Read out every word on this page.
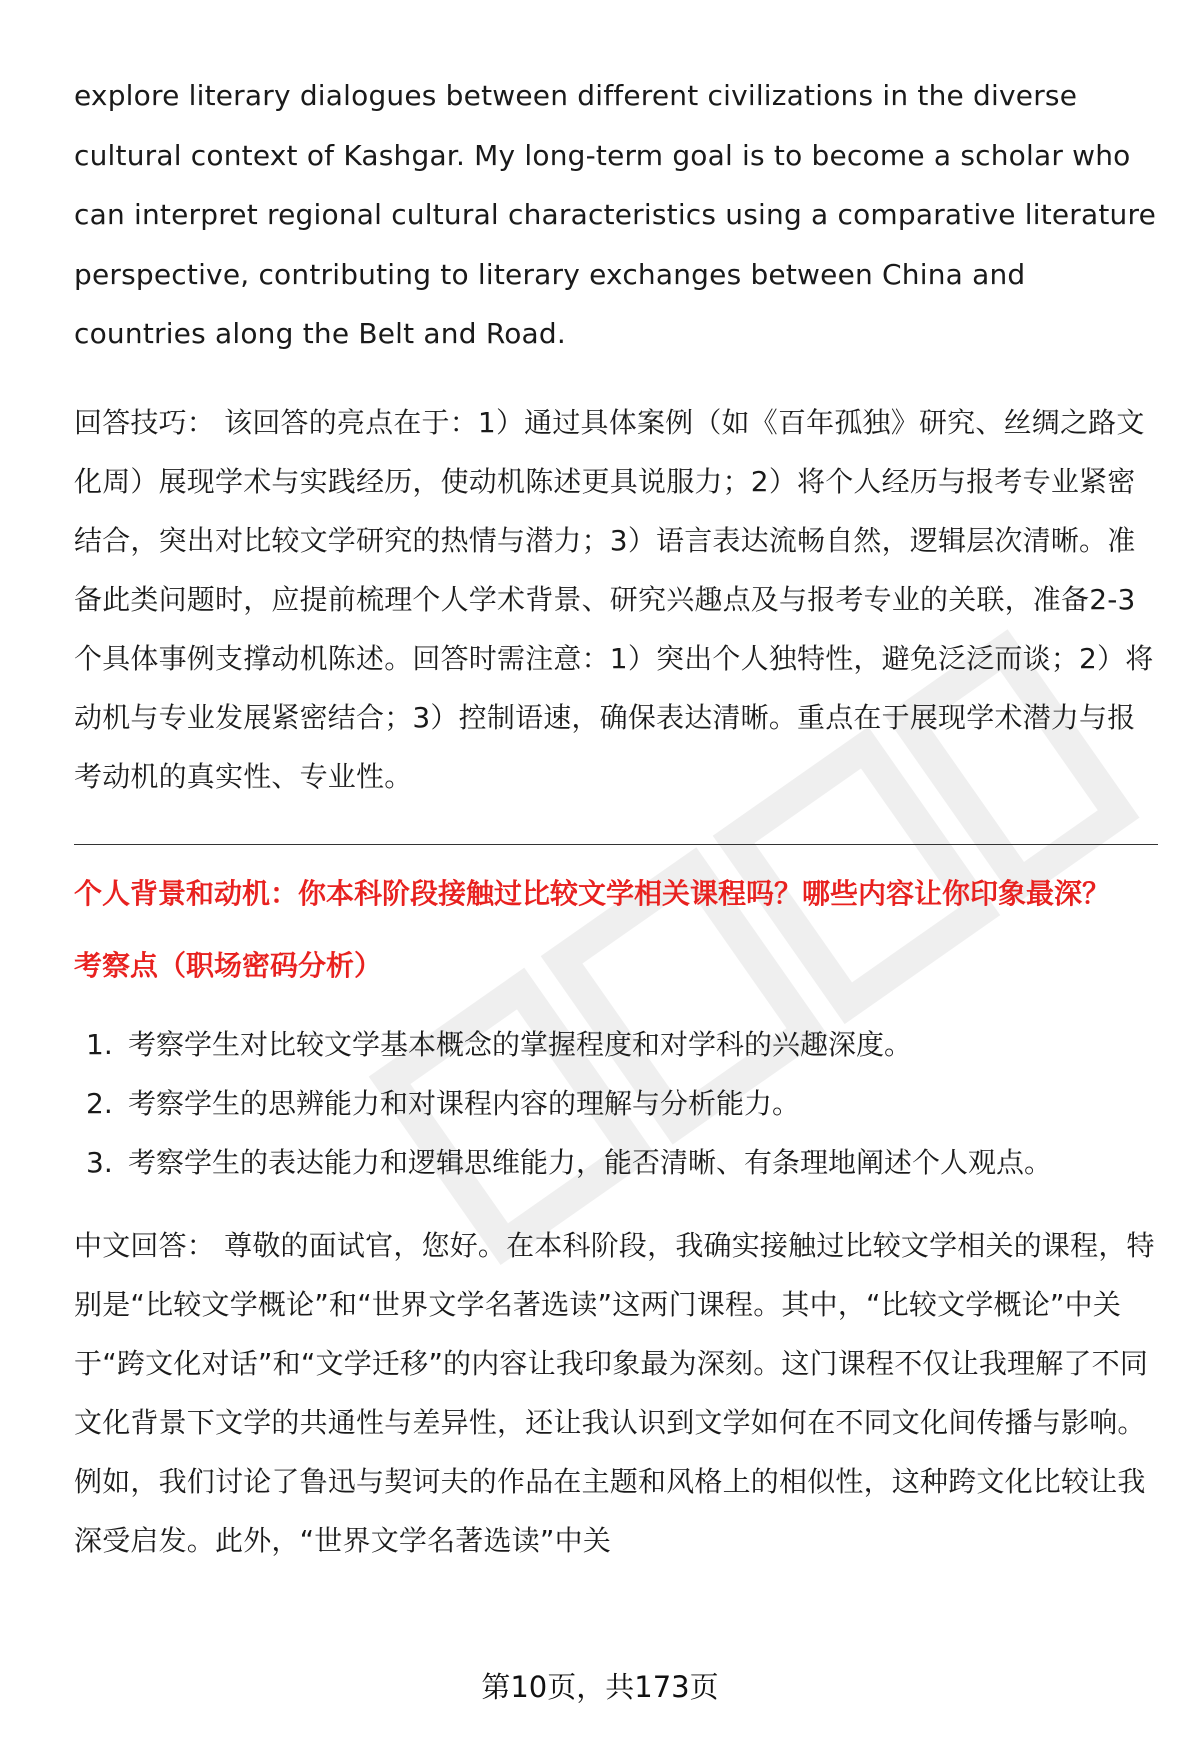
explore literary dialogues between different civilizations in the diverse cultural context of Kashgar. My long-term goal is to become a scholar who can interpret regional cultural characteristics using a comparative literature perspective, contributing to literary exchanges between China and countries along the Belt and Road.

回答技巧： 该回答的亮点在于：1）通过具体案例（如《百年孤独》研究、丝绸之路文化周）展现学术与实践经历，使动机陈述更具说服力；2）将个人经历与报考专业紧密结合，突出对比较文学研究的热情与潜力；3）语言表达流畅自然，逻辑层次清晰。准备此类问题时，应提前梳理个人学术背景、研究兴趣点及与报考专业的关联，准备2-3个具体事例支撑动机陈述。回答时需注意：1）突出个人独特性，避免泛泛而谈；2）将动机与专业发展紧密结合；3）控制语速，确保表达清晰。重点在于展现学术潜力与报考动机的真实性、专业性。

个人背景和动机：你本科阶段接触过比较文学相关课程吗？哪些内容让你印象最深？
考察点（职场密码分析）
1. 考察学生对比较文学基本概念的掌握程度和对学科的兴趣深度。
2. 考察学生的思辨能力和对课程内容的理解与分析能力。
3. 考察学生的表达能力和逻辑思维能力，能否清晰、有条理地阐述个人观点。

中文回答： 尊敬的面试官，您好。在本科阶段，我确实接触过比较文学相关的课程，特别是“比较文学概论”和“世界文学名著选读”这两门课程。其中，“比较文学概论”中关于“跨文化对话”和“文学迁移”的内容让我印象最为深刻。这门课程不仅让我理解了不同文化背景下文学的共通性与差异性，还让我认识到文学如何在不同文化间传播与影响。例如，我们讨论了鲁迅与契诃夫的作品在主题和风格上的相似性，这种跨文化比较让我深受启发。此外，“世界文学名著选读”中关

第10页，共173页
